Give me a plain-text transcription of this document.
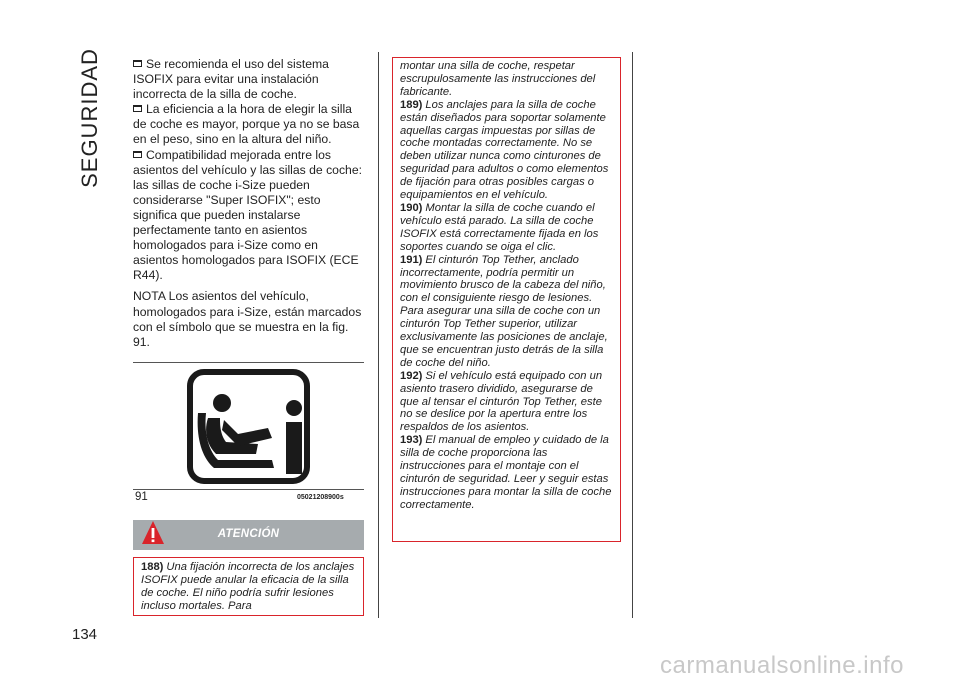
SEGURIDAD	Se recomienda el uso del sistema ISOFIX para evitar una instalación incorrecta de la silla de coche.

La eficiencia a la hora de elegir la silla de coche es mayor, porque ya no se basa en el peso, sino en la altura del niño.

Compatibilidad mejorada entre los asientos del vehículo y las sillas de coche: las sillas de coche i-Size pueden considerarse "Super ISOFIX"; esto significa que pueden instalarse perfectamente tanto en asientos homologados para i-Size como en asientos homologados para ISOFIX (ECE R44).

NOTA Los asientos del vehículo, homologados para i-Size, están marcados con el símbolo que se muestra en la fig. 91.

91	05021208900s
ATENCIÓN

188) Una fijación incorrecta de los anclajes ISOFIX puede anular la eficacia de la silla de coche. El niño podría sufrir lesiones incluso mortales. Para

montar una silla de coche, respetar escrupulosamente las instrucciones del fabricante.

189) Los anclajes para la silla de coche están diseñados para soportar solamente aquellas cargas impuestas por sillas de coche montadas correctamente. No se deben utilizar nunca como cinturones de seguridad para adultos o como elementos de fijación para otras posibles cargas o equipamientos en el vehículo.

190) Montar la silla de coche cuando el vehículo está parado. La silla de coche ISOFIX está correctamente fijada en los soportes cuando se oiga el clic.

191) El cinturón Top Tether, anclado incorrectamente, podría permitir un movimiento brusco de la cabeza del niño, con el consiguiente riesgo de lesiones. Para asegurar una silla de coche con un cinturón Top Tether superior, utilizar exclusivamente las posiciones de anclaje, que se encuentran justo detrás de la silla de coche del niño.

192) Si el vehículo está equipado con un asiento trasero dividido, asegurarse de que al tensar el cinturón Top Tether, este no se deslice por la apertura entre los respaldos de los asientos.

193) El manual de empleo y cuidado de la silla de coche proporciona las instrucciones para el montaje con el cinturón de seguridad. Leer y seguir estas instrucciones para montar la silla de coche correctamente.

134
carmanualsonline.info
